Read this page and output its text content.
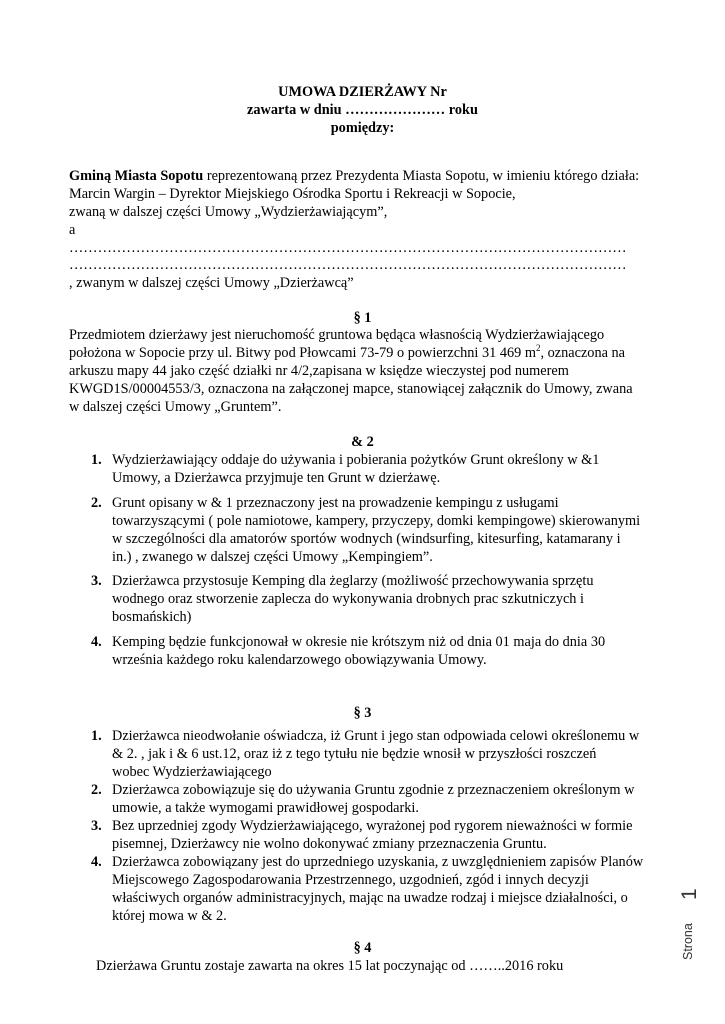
UMOWA DZIERŻAWY Nr
zawarta w dniu ………………… roku
pomiędzy:
Gminą Miasta Sopotu reprezentowaną przez Prezydenta Miasta Sopotu, w imieniu którego działa:
Marcin Wargin – Dyrektor Miejskiego Ośrodka Sportu i Rekreacji w Sopocie,
zwaną w dalszej części Umowy „Wydzierżawiającym”,
a
………………………………………………………………………………………………………
………………………………………………………………………………………………………
, zwanym w dalszej części Umowy „Dzierżawcą”
§ 1
Przedmiotem dzierżawy jest nieruchomość gruntowa będąca własnością Wydzierżawiającego
położona w Sopocie przy ul. Bitwy pod Płowcami 73-79 o powierzchni 31 469 $m^2$, oznaczona na
arkuszu mapy 44 jako część działki nr 4/2,zapisana w księdze wieczystej pod numerem
KWGD1S/00004553/3, oznaczona na załączonej mapce, stanowiącej załącznik do Umowy, zwana
w dalszej części Umowy „Gruntem”.
& 2
1. Wydzierżawiający oddaje do używania i pobierania pożytków Grunt określony w &1
Umowy, a Dzierżawca przyjmuje ten Grunt w dzierżawę.
2. Grunt opisany w & 1 przeznaczony jest na prowadzenie kempingu z usługami
towarzyszącymi ( pole namiotowe, kampery, przyczepy, domki kempingowe) skierowanymi
w szczególności dla amatorów sportów wodnych (windsurfing, kitesurfing, katamarany i
in.) , zwanego w dalszej części Umowy „Kempingiem”.
3. Dzierżawca przystosuje Kemping dla żeglarzy (możliwość przechowywania sprzętu
wodnego oraz stworzenie zaplecza do wykonywania drobnych prac szkutniczych i
bosmańskich)
4. Kemping będzie funkcjonował w okresie nie krótszym niż od dnia 01 maja do dnia 30
września każdego roku kalendarzowego obowiązywania Umowy.
§ 3
1. Dzierżawca nieodwołanie oświadcza, iż Grunt i jego stan odpowiada celowi określonemu w
& 2. , jak i & 6 ust.12, oraz iż z tego tytułu nie będzie wnosił w przyszłości roszczeń
wobec Wydzierżawiającego
2. Dzierżawca zobowiązuje się do używania Gruntu zgodnie z przeznaczeniem określonym w
umowie, a także wymogami prawidłowej gospodarki.
3. Bez uprzedniej zgody Wydzierżawiającego, wyrażonej pod rygorem nieważności w formie
pisemnej, Dzierżawcy nie wolno dokonywać zmiany przeznaczenia Gruntu.
4. Dzierżawca zobowiązany jest do uprzedniego uzyskania, z uwzględnieniem zapisów Planów
Miejscowego Zagospodarowania Przestrzennego, uzgodnień, zgód i innych decyzji
właściwych organów administracyjnych, mając na uwadze rodzaj i miejsce działalności, o
której mowa w & 2.
§ 4
Dzierżawa Gruntu zostaje zawarta na okres 15 lat poczynając od ……..2016 roku
Strona
1
